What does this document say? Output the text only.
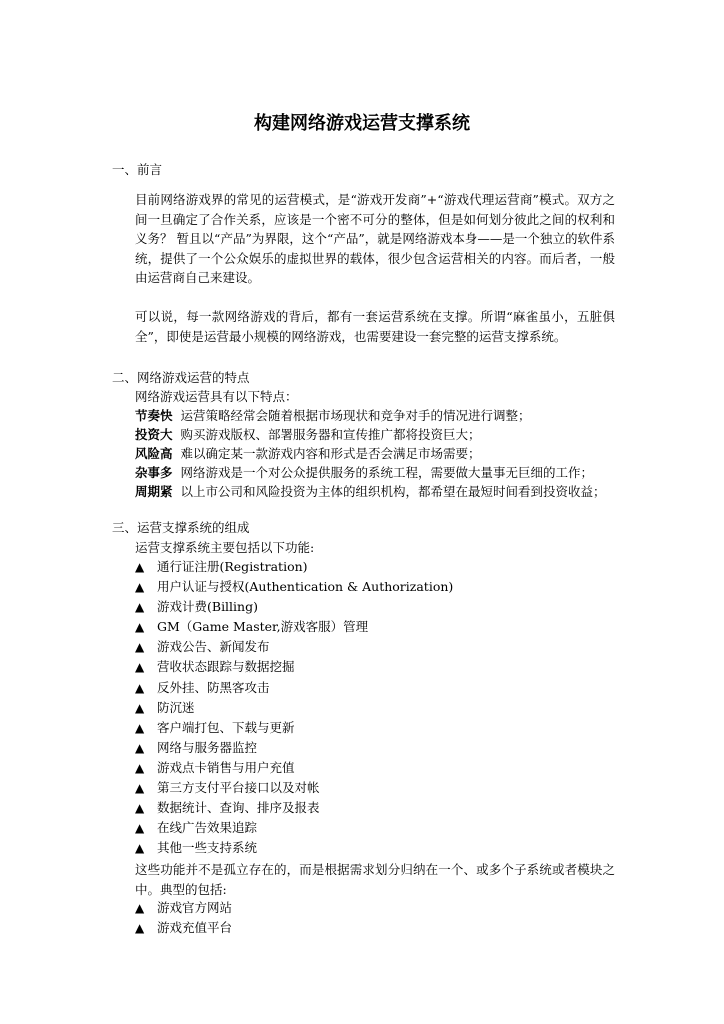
构建网络游戏运营支撑系统
一、前言
目前网络游戏界的常见的运营模式，是“游戏开发商”+“游戏代理运营商”模式。双方之间一旦确定了合作关系，应该是一个密不可分的整体，但是如何划分彼此之间的权利和义务？ 暂且以“产品”为界限，这个“产品”，就是网络游戏本身——是一个独立的软件系统，提供了一个公众娱乐的虚拟世界的载体，很少包含运营相关的内容。而后者，一般由运营商自己来建设。
可以说，每一款网络游戏的背后，都有一套运营系统在支撑。所谓“麻雀虽小，五脏俱全”，即使是运营最小规模的网络游戏，也需要建设一套完整的运营支撑系统。
二、网络游戏运营的特点
网络游戏运营具有以下特点：
节奏快 运营策略经常会随着根据市场现状和竞争对手的情况进行调整；
投资大 购买游戏版权、部署服务器和宣传推广都将投资巨大；
风险高 难以确定某一款游戏内容和形式是否会满足市场需要；
杂事多 网络游戏是一个对公众提供服务的系统工程，需要做大量事无巨细的工作；
周期紧 以上市公司和风险投资为主体的组织机构，都希望在最短时间看到投资收益；
三、运营支撑系统的组成
运营支撑系统主要包括以下功能:
▲ 通行证注册(Registration)
▲ 用户认证与授权(Authentication & Authorization)
▲ 游戏计费(Billing)
▲ GM（Game Master,游戏客服）管理
▲ 游戏公告、新闻发布
▲ 营收状态跟踪与数据挖掘
▲ 反外挂、防黑客攻击
▲ 防沉迷
▲ 客户端打包、下载与更新
▲ 网络与服务器监控
▲ 游戏点卡销售与用户充值
▲ 第三方支付平台接口以及对帐
▲ 数据统计、查询、排序及报表
▲ 在线广告效果追踪
▲ 其他一些支持系统
这些功能并不是孤立存在的，而是根据需求划分归纳在一个、或多个子系统或者模块之中。典型的包括:
▲ 游戏官方网站
▲ 游戏充值平台
